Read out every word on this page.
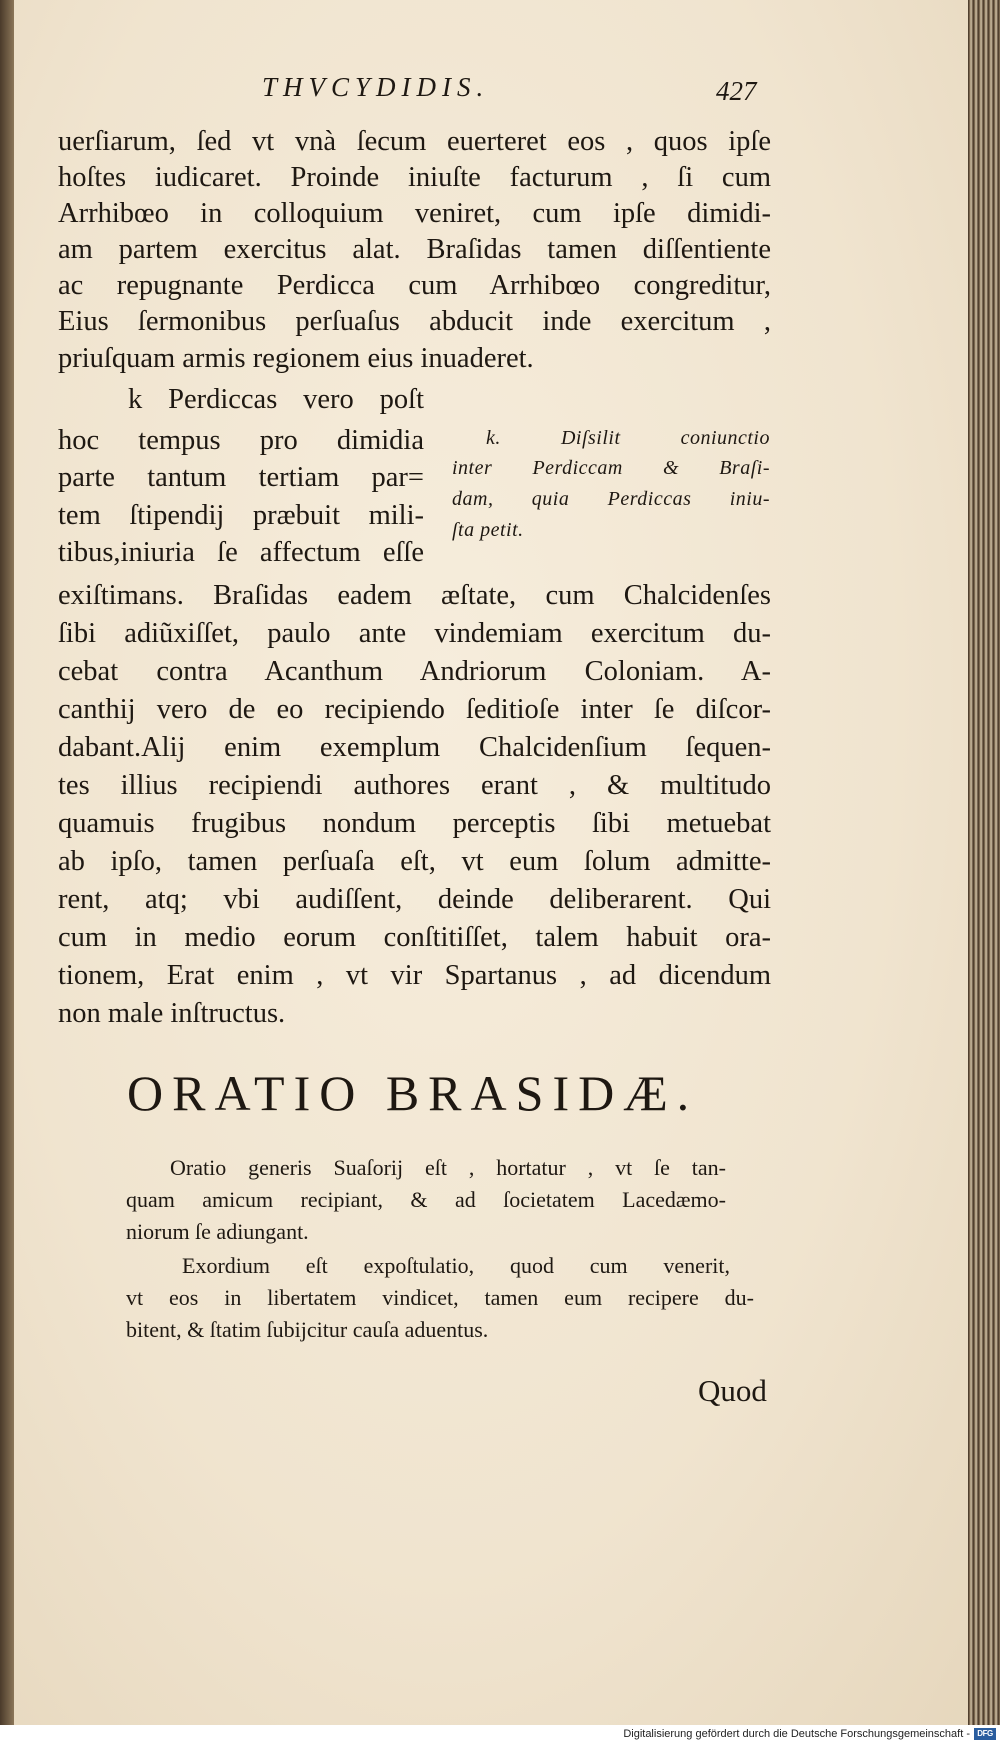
THVCYDIDIS.	427
uerſiarum, ſed vt vnà ſecum euerteret eos , quos ipſe
hoſtes iudicaret. Proinde iniuſte facturum , ſi cum
Arrhibœo in colloquium veniret, cum ipſe dimidi-
am partem exercitus alat. Braſidas tamen diſſentiente
ac repugnante Perdicca cum Arrhibœo congreditur,
Eius ſermonibus perſuaſus abducit inde exercitum ,
priuſquam armis regionem eius inuaderet.
k Perdiccas vero poſt
hoc tempus pro dimidia
parte tantum tertiam par=
tem ſtipendij præbuit mili-
tibus,iniuria ſe affectum eſſe
k. Diſsilit coniunctio
inter Perdiccam & Braſi-
dam, quia Perdiccas iniu-
ſta petit.
exiſtimans. Braſidas eadem æſtate, cum Chalcidenſes
ſibi adiũxiſſet, paulo ante vindemiam exercitum du-
cebat contra Acanthum Andriorum Coloniam. A-
canthij vero de eo recipiendo ſeditioſe inter ſe diſcor-
dabant.Alij enim exemplum Chalcidenſium ſequen-
tes illius recipiendi authores erant , & multitudo
quamuis frugibus nondum perceptis ſibi metuebat
ab ipſo, tamen perſuaſa eſt, vt eum ſolum admitte-
rent, atq; vbi audiſſent, deinde deliberarent. Qui
cum in medio eorum conſtitiſſet, talem habuit ora-
tionem, Erat enim , vt vir Spartanus , ad dicendum
non male inſtructus.
ORATIO BRASIDÆ.
Oratio generis Suaſorij eſt , hortatur , vt ſe tan-
quam amicum recipiant, & ad ſocietatem Lacedæmo-
niorum ſe adiungant.
Exordium eſt expoſtulatio, quod cum venerit,
vt eos in libertatem vindicet, tamen eum recipere du-
bitent, & ſtatim ſubijcitur cauſa aduentus.
Quod
Digitalisierung gefördert durch die Deutsche Forschungsgemeinschaft - DFG
